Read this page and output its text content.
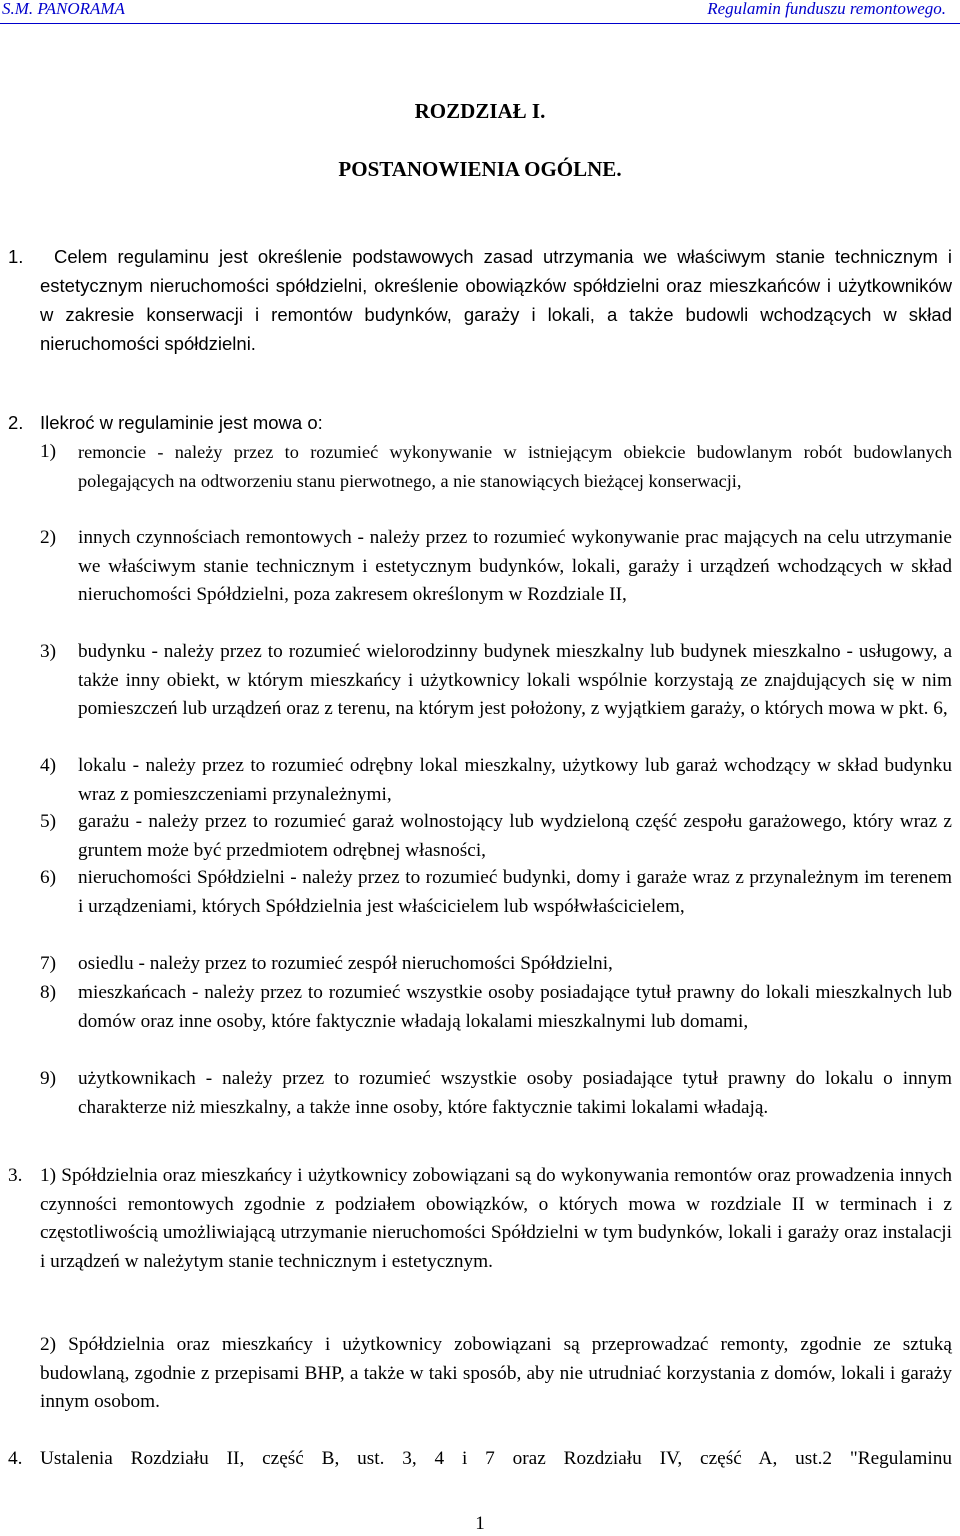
S.M. PANORAMA	Regulamin funduszu remontowego.
ROZDZIAŁ I.
POSTANOWIENIA OGÓLNE.
1.	Celem regulaminu jest określenie podstawowych zasad utrzymania we właściwym stanie technicznym i estetycznym nieruchomości spółdzielni, określenie obowiązków spółdzielni oraz mieszkańców i użytkowników w zakresie konserwacji i remontów budynków, garaży i lokali, a także budowli wchodzących w skład nieruchomości spółdzielni.
2. Ilekroć w regulaminie jest mowa o:
1) remoncie - należy przez to rozumieć wykonywanie w istniejącym obiekcie budowlanym robót budowlanych polegających na odtworzeniu stanu pierwotnego, a nie stanowiących bieżącej konserwacji,
2) innych czynnościach remontowych - należy przez to rozumieć wykonywanie prac mających na celu utrzymanie we właściwym stanie technicznym i estetycznym budynków, lokali, garaży i urządzeń wchodzących w skład nieruchomości Spółdzielni, poza zakresem określonym w Rozdziale II,
3) budynku - należy przez to rozumieć wielorodzinny budynek mieszkalny lub budynek mieszkalno - usługowy, a także inny obiekt, w którym mieszkańcy i użytkownicy lokali wspólnie korzystają ze znajdujących się w nim pomieszczeń lub urządzeń oraz z terenu, na którym jest położony, z wyjątkiem garaży, o których mowa w pkt. 6,
4) lokalu - należy przez to rozumieć odrębny lokal mieszkalny, użytkowy lub garaż wchodzący w skład budynku wraz z pomieszczeniami przynależnymi,
5) garażu - należy przez to rozumieć garaż wolnostojący lub wydzieloną część zespołu garażowego, który wraz z gruntem może być przedmiotem odrębnej własności,
6) nieruchomości Spółdzielni - należy przez to rozumieć budynki, domy i garaże wraz z przynależnym im terenem i urządzeniami, których Spółdzielnia jest właścicielem lub współwłaścicielem,
7) osiedlu - należy przez to rozumieć zespół nieruchomości Spółdzielni,
8) mieszkańcach - należy przez to rozumieć wszystkie osoby posiadające tytuł prawny do lokali mieszkalnych lub domów oraz inne osoby, które faktycznie władają lokalami mieszkalnymi lub domami,
9) użytkownikach - należy przez to rozumieć wszystkie osoby posiadające tytuł prawny do lokalu o innym charakterze niż mieszkalny, a także inne osoby, które faktycznie takimi lokalami władają.
3. 1) Spółdzielnia oraz mieszkańcy i użytkownicy zobowiązani są do wykonywania remontów oraz prowadzenia innych czynności remontowych zgodnie z podziałem obowiązków, o których mowa w rozdziale II w terminach i z częstotliwością umożliwiającą utrzymanie nieruchomości Spółdzielni w tym budynków, lokali i garaży oraz instalacji i urządzeń w należytym stanie technicznym i estetycznym.
2) Spółdzielnia oraz mieszkańcy i użytkownicy zobowiązani są przeprowadzać remonty, zgodnie ze sztuką budowlaną, zgodnie z przepisami BHP, a także w taki sposób, aby nie utrudniać korzystania z domów, lokali i garaży innym osobom.
4. Ustalenia Rozdziału II, część B, ust. 3, 4 i 7 oraz Rozdziału IV, część A, ust.2 "Regulaminu
1
